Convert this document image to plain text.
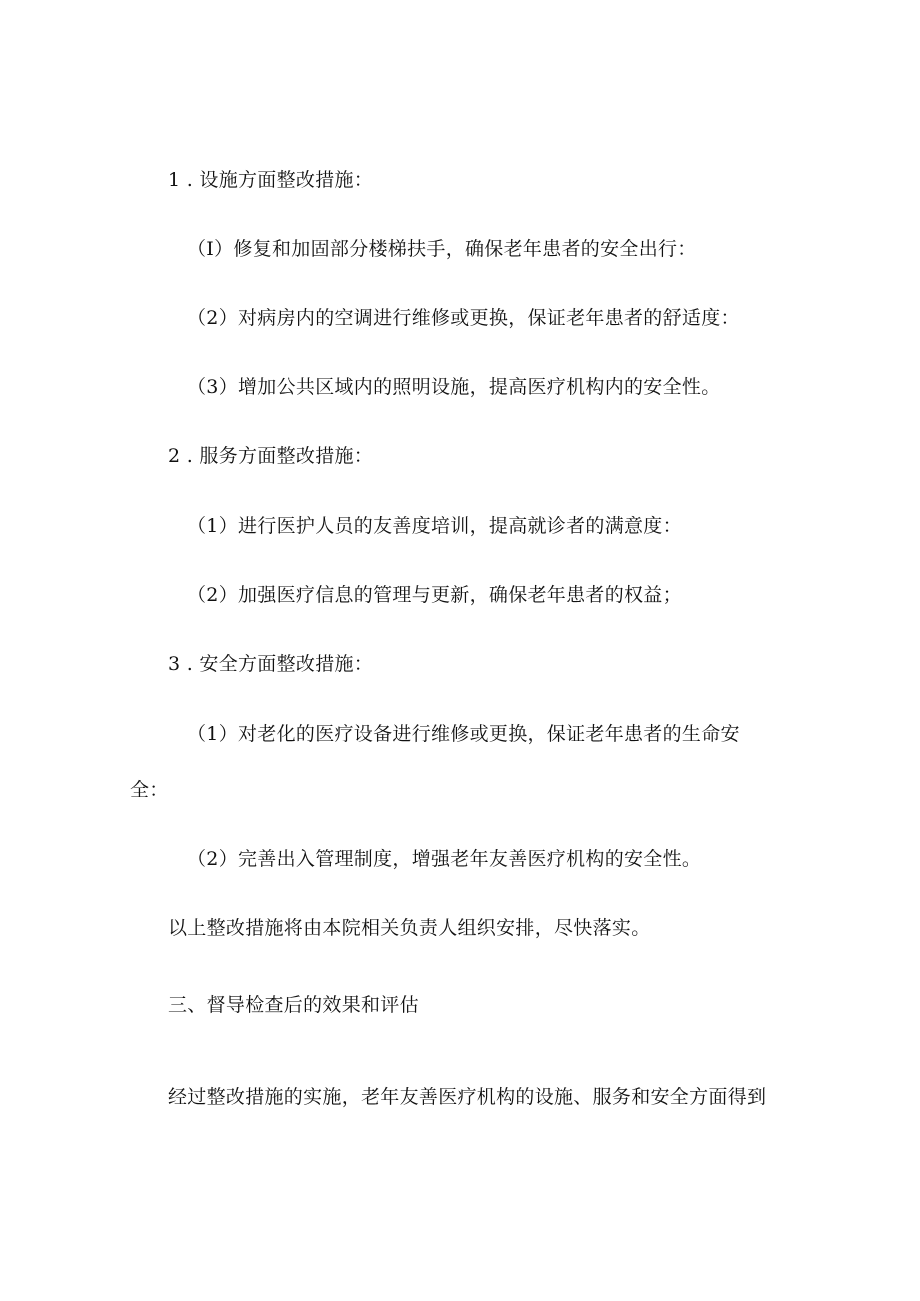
1 . 设施方面整改措施：
（I）修复和加固部分楼梯扶手，确保老年患者的安全出行：
（2）对病房内的空调进行维修或更换，保证老年患者的舒适度：
（3）增加公共区域内的照明设施，提高医疗机构内的安全性。
2 . 服务方面整改措施：
（1）进行医护人员的友善度培训，提高就诊者的满意度：
（2）加强医疗信息的管理与更新，确保老年患者的权益；
3 . 安全方面整改措施：
（1）对老化的医疗设备进行维修或更换，保证老年患者的生命安
全：
（2）完善出入管理制度，增强老年友善医疗机构的安全性。
以上整改措施将由本院相关负责人组织安排，尽快落实。
三、督导检查后的效果和评估
经过整改措施的实施，老年友善医疗机构的设施、服务和安全方面得到
